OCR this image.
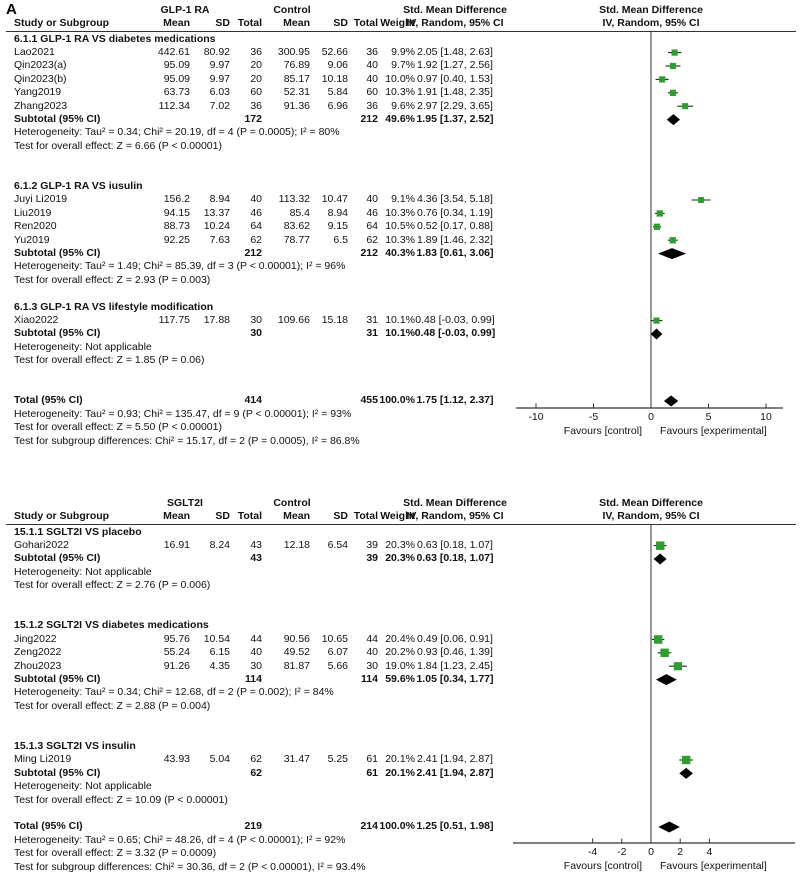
A	GLP-1 RA	Control	Std. Mean Difference	Std. Mean Difference
Study or Subgroup	Mean	SD Total	Mean	SD Total Weight
IV, Random, 95% CI	IV, Random, 95% CI
6.1.1 GLP-1 RA VS diabetes medications
Lao2021	442.61	80.92	36	300.95	52.66	36	9.9% 2.05 [1.48, 2.63]
Qin2023(a)	95.09	9.97	20	76.89	9.06	40	9.7% 1.92 [1.27, 2.56]
Qin2023(b)	95.09	9.97	20	85.17	10.18	40 10.0% 0.97 [0.40, 1.53]
Yang2019	63.73	6.03	60	52.31	5.84	60 10.3% 1.91 [1.48, 2.35]
Zhang2023	112.34	7.02	36	91.36	6.96	36	9.6% 2.97 [2.29, 3.65]
Subtotal (95% CI)	172	212 49.6% 1.95 [1.37, 2.52]
Heterogeneity: Tau² = 0.34; Chi² = 20.19, df = 4 (P = 0.0005); I² = 80%
Test for overall effect: Z = 6.66 (P < 0.00001)
6.1.2 GLP-1 RA VS iusulin
Juyi Li2019	156.2	8.94	40	113.32	10.47	40	9.1% 4.36 [3.54, 5.18]
Liu2019	94.15	13.37	46	85.4	8.94	46 10.3% 0.76 [0.34, 1.19]
Ren2020	88.73	10.24	64	83.62	9.15	64 10.5% 0.52 [0.17, 0.88]
Yu2019	92.25	7.63	62	78.77	6.5	62 10.3% 1.89 [1.46, 2.32]
Subtotal (95% CI)	212	212 40.3% 1.83 [0.61, 3.06]
Heterogeneity: Tau² = 1.49; Chi² = 85.39, df = 3 (P < 0.00001); I² = 96%
Test for overall effect: Z = 2.93 (P = 0.003)
6.1.3 GLP-1 RA VS lifestyle modification
Xiao2022	117.75	17.88	30	109.66	15.18	31 10.1% 0.48 [-0.03, 0.99]
Subtotal (95% CI)	30	31 10.1% 0.48 [-0.03, 0.99]
Heterogeneity: Not applicable
Test for overall effect: Z = 1.85 (P = 0.06)
Total (95% CI)	414	455 100.0% 1.75 [1.12, 2.37]
Heterogeneity: Tau² = 0.93; Chi² = 135.47, df = 9 (P < 0.00001); I² = 93%
Test for overall effect: Z = 5.50 (P < 0.00001)
Test for subgroup differences: Chi² = 15.17, df = 2 (P = 0.0005), I² = 86.8%
SGLT2I	Control	Std. Mean Difference	Std. Mean Difference
Study or Subgroup	Mean	SD Total	Mean	SD Total Weight
IV, Random, 95% CI	IV, Random, 95% CI
15.1.1 SGLT2I VS placebo
Gohari2022	16.91	8.24	43	12.18	6.54	39 20.3% 0.63 [0.18, 1.07]
Subtotal (95% CI)	43	39 20.3% 0.63 [0.18, 1.07]
Heterogeneity: Not applicable
Test for overall effect: Z = 2.76 (P = 0.006)
15.1.2 SGLT2I VS diabetes medications
Jing2022	95.76	10.54	44	90.56	10.65	44 20.4% 0.49 [0.06, 0.91]
Zeng2022	55.24	6.15	40	49.52	6.07	40 20.2% 0.93 [0.46, 1.39]
Zhou2023	91.26	4.35	30	81.87	5.66	30 19.0% 1.84 [1.23, 2.45]
Subtotal (95% CI)	114	114 59.6% 1.05 [0.34, 1.77]
Heterogeneity: Tau² = 0.34; Chi² = 12.68, df = 2 (P = 0.002); I² = 84%
Test for overall effect: Z = 2.88 (P = 0.004)
15.1.3 SGLT2I VS insulin
Ming Li2019	43.93	5.04	62	31.47	5.25	61 20.1% 2.41 [1.94, 2.87]
Subtotal (95% CI)	62	61 20.1% 2.41 [1.94, 2.87]
Heterogeneity: Not applicable
Test for overall effect: Z = 10.09 (P < 0.00001)
Total (95% CI)	219	214 100.0% 1.25 [0.51, 1.98]
Heterogeneity: Tau² = 0.65; Chi² = 48.26, df = 4 (P < 0.00001); I² = 92%
Test for overall effect: Z = 3.32 (P = 0.0009)
Test for subgroup differences: Chi² = 30.36, df = 2 (P < 0.00001), I² = 93.4%
-10	-5	0	5	10
Favours [control] Favours [experimental]
-4 -2 0 2 4
Favours [control] Favours [experimental]
